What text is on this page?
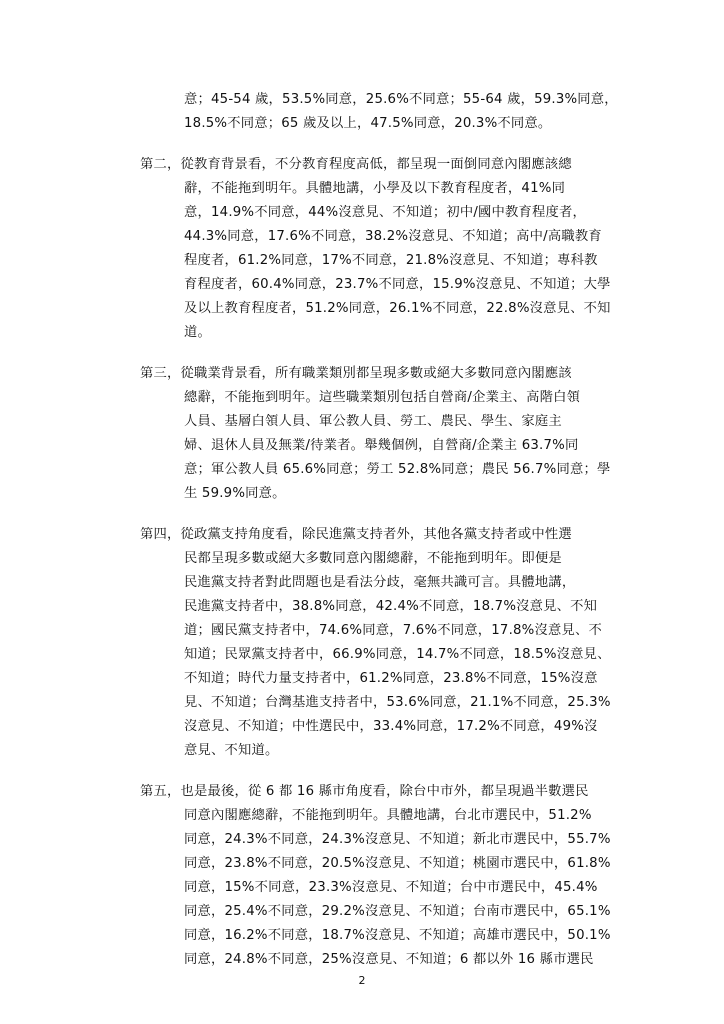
意；45-54 歲，53.5%同意，25.6%不同意；55-64 歲，59.3%同意，
18.5%不同意；65 歲及以上，47.5%同意，20.3%不同意。
第二，從教育背景看，不分教育程度高低，都呈現一面倒同意內閣應該總
辭，不能拖到明年。具體地講，小學及以下教育程度者，41%同
意，14.9%不同意，44%沒意見、不知道；初中/國中教育程度者，
44.3%同意，17.6%不同意，38.2%沒意見、不知道；高中/高職教育
程度者，61.2%同意，17%不同意，21.8%沒意見、不知道；專科教
育程度者，60.4%同意，23.7%不同意，15.9%沒意見、不知道；大學
及以上教育程度者，51.2%同意，26.1%不同意，22.8%沒意見、不知
道。
第三，從職業背景看，所有職業類別都呈現多數或絕大多數同意內閣應該
總辭，不能拖到明年。這些職業類別包括自營商/企業主、高階白領
人員、基層白領人員、軍公教人員、勞工、農民、學生、家庭主
婦、退休人員及無業/待業者。舉幾個例，自營商/企業主 63.7%同
意；軍公教人員 65.6%同意；勞工 52.8%同意；農民 56.7%同意；學
生 59.9%同意。
第四，從政黨支持角度看，除民進黨支持者外，其他各黨支持者或中性選
民都呈現多數或絕大多數同意內閣總辭，不能拖到明年。即便是
民進黨支持者對此問題也是看法分歧，毫無共識可言。具體地講，
民進黨支持者中，38.8%同意，42.4%不同意，18.7%沒意見、不知
道；國民黨支持者中，74.6%同意，7.6%不同意，17.8%沒意見、不
知道；民眾黨支持者中，66.9%同意，14.7%不同意，18.5%沒意見、
不知道；時代力量支持者中，61.2%同意，23.8%不同意，15%沒意
見、不知道；台灣基進支持者中，53.6%同意，21.1%不同意，25.3%
沒意見、不知道；中性選民中，33.4%同意，17.2%不同意，49%沒
意見、不知道。
第五，也是最後，從 6 都 16 縣市角度看，除台中市外，都呈現過半數選民
同意內閣應總辭，不能拖到明年。具體地講，台北市選民中，51.2%
同意，24.3%不同意，24.3%沒意見、不知道；新北市選民中，55.7%
同意，23.8%不同意，20.5%沒意見、不知道；桃園市選民中，61.8%
同意，15%不同意，23.3%沒意見、不知道；台中市選民中，45.4%
同意，25.4%不同意，29.2%沒意見、不知道；台南市選民中，65.1%
同意，16.2%不同意，18.7%沒意見、不知道；高雄市選民中，50.1%
同意，24.8%不同意，25%沒意見、不知道；6 都以外 16 縣市選民
2
